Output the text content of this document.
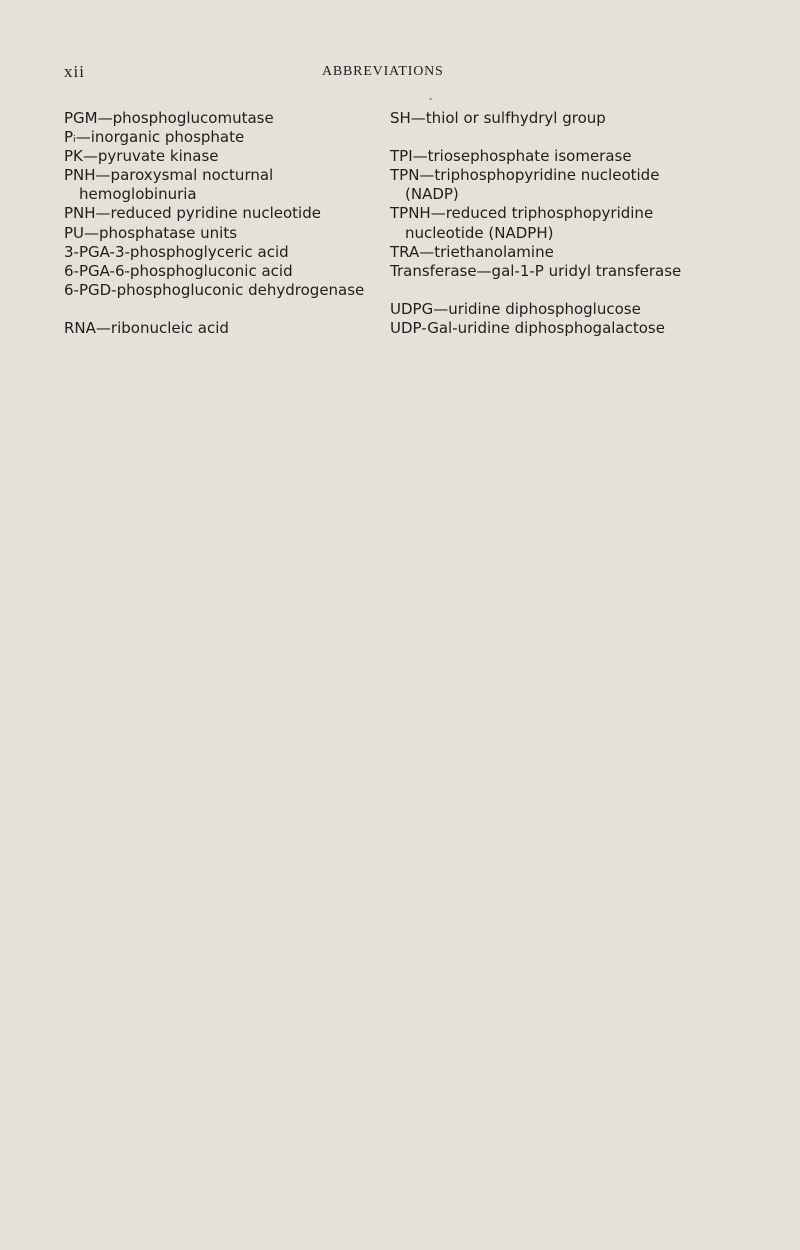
xii	ABBREVIATIONS
PGM—phosphoglucomutase
Pᵢ—inorganic phosphate
PK—pyruvate kinase
PNH—paroxysmal nocturnal
hemoglobinuria
PNH—reduced pyridine nucleotide
PU—phosphatase units
3-PGA-3-phosphoglyceric acid
6-PGA-6-phosphogluconic acid
6-PGD-phosphogluconic dehydrogenase
RNA—ribonucleic acid
ˇ
SH—thiol or sulfhydryl group
TPI—triosephosphate isomerase
TPN—triphosphopyridine nucleotide
(NADP)
TPNH—reduced triphosphopyridine
nucleotide (NADPH)
TRA—triethanolamine
Transferase—gal-1-P uridyl transferase
UDPG—uridine diphosphoglucose
UDP-Gal-uridine diphosphogalactose
